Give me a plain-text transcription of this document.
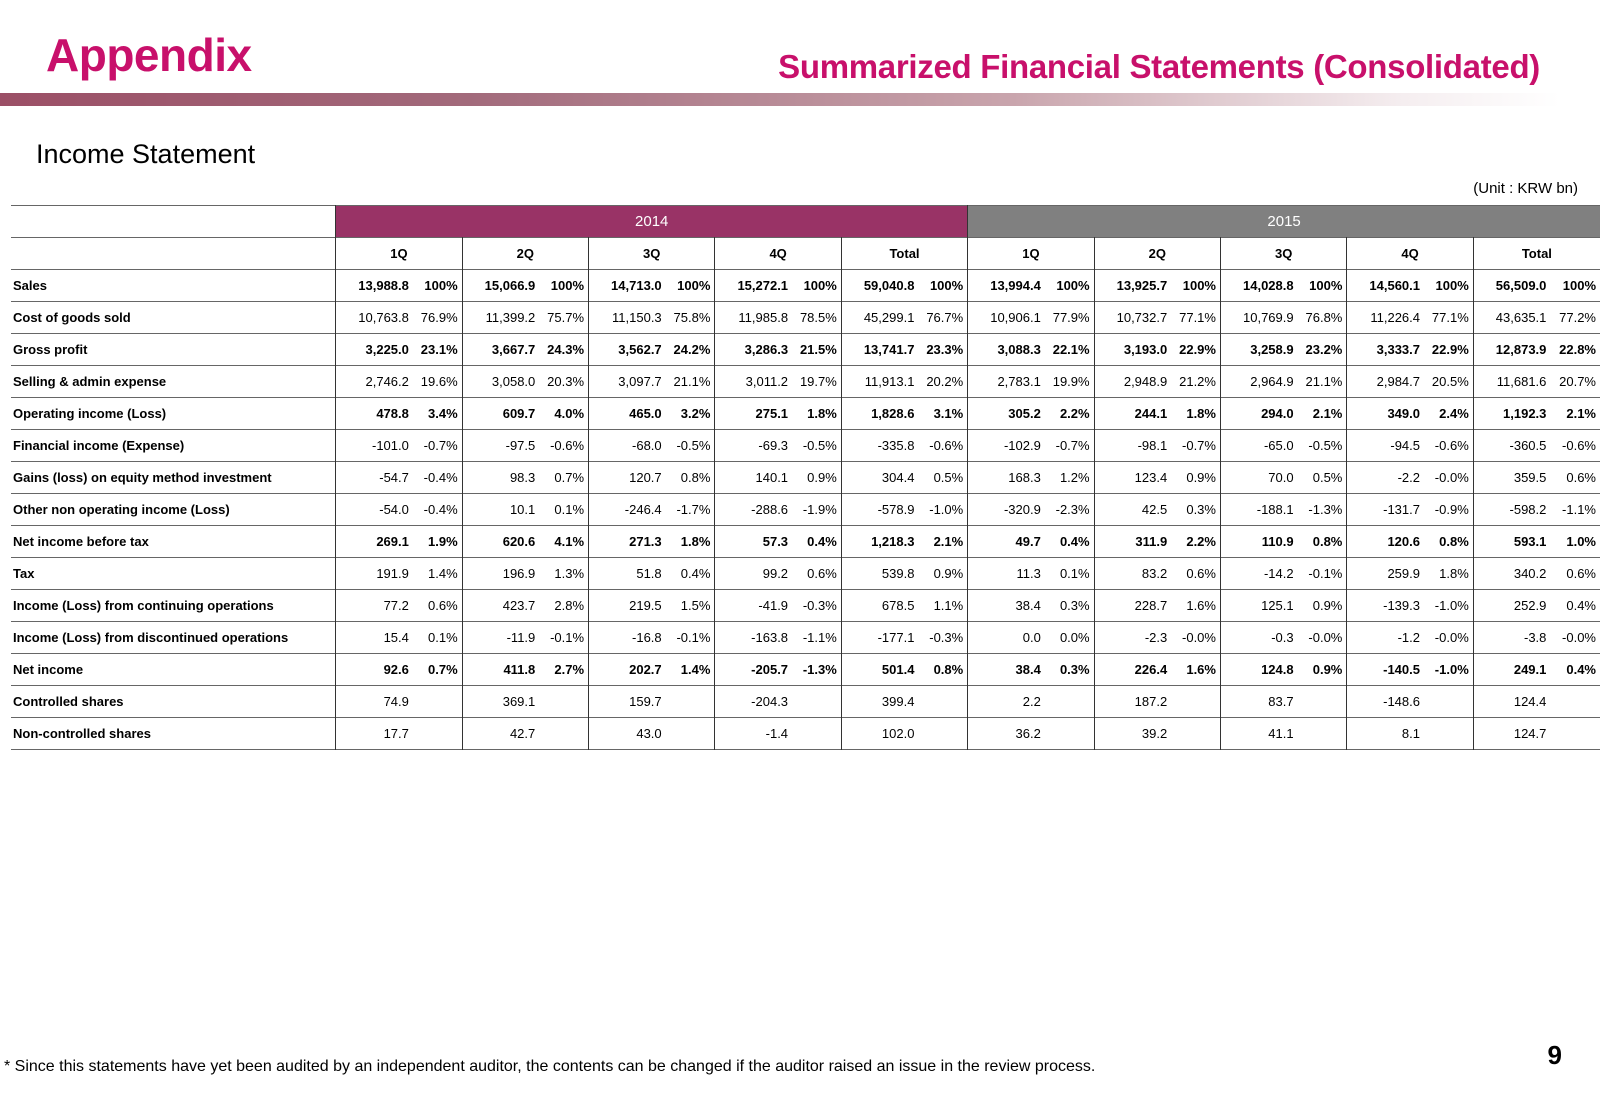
Appendix	Summarized Financial Statements (Consolidated)
Income Statement
(Unit : KRW bn)
	2014										2015									
	1Q		2Q		3Q		4Q		Total		1Q		2Q		3Q		4Q		Total	
Sales	13,988.8	100%	15,066.9	100%	14,713.0	100%	15,272.1	100%	59,040.8	100%	13,994.4	100%	13,925.7	100%	14,028.8	100%	14,560.1	100%	56,509.0	100%
Cost of goods sold	10,763.8	76.9%	11,399.2	75.7%	11,150.3	75.8%	11,985.8	78.5%	45,299.1	76.7%	10,906.1	77.9%	10,732.7	77.1%	10,769.9	76.8%	11,226.4	77.1%	43,635.1	77.2%
Gross profit	3,225.0	23.1%	3,667.7	24.3%	3,562.7	24.2%	3,286.3	21.5%	13,741.7	23.3%	3,088.3	22.1%	3,193.0	22.9%	3,258.9	23.2%	3,333.7	22.9%	12,873.9	22.8%
Selling & admin expense	2,746.2	19.6%	3,058.0	20.3%	3,097.7	21.1%	3,011.2	19.7%	11,913.1	20.2%	2,783.1	19.9%	2,948.9	21.2%	2,964.9	21.1%	2,984.7	20.5%	11,681.6	20.7%
Operating income (Loss)	478.8	3.4%	609.7	4.0%	465.0	3.2%	275.1	1.8%	1,828.6	3.1%	305.2	2.2%	244.1	1.8%	294.0	2.1%	349.0	2.4%	1,192.3	2.1%
Financial income (Expense)	-101.0	-0.7%	-97.5	-0.6%	-68.0	-0.5%	-69.3	-0.5%	-335.8	-0.6%	-102.9	-0.7%	-98.1	-0.7%	-65.0	-0.5%	-94.5	-0.6%	-360.5	-0.6%
Gains (loss) on equity method investment	-54.7	-0.4%	98.3	0.7%	120.7	0.8%	140.1	0.9%	304.4	0.5%	168.3	1.2%	123.4	0.9%	70.0	0.5%	-2.2	-0.0%	359.5	0.6%
Other non operating income (Loss)	-54.0	-0.4%	10.1	0.1%	-246.4	-1.7%	-288.6	-1.9%	-578.9	-1.0%	-320.9	-2.3%	42.5	0.3%	-188.1	-1.3%	-131.7	-0.9%	-598.2	-1.1%
Net income before tax	269.1	1.9%	620.6	4.1%	271.3	1.8%	57.3	0.4%	1,218.3	2.1%	49.7	0.4%	311.9	2.2%	110.9	0.8%	120.6	0.8%	593.1	1.0%
Tax	191.9	1.4%	196.9	1.3%	51.8	0.4%	99.2	0.6%	539.8	0.9%	11.3	0.1%	83.2	0.6%	-14.2	-0.1%	259.9	1.8%	340.2	0.6%
Income (Loss) from continuing operations	77.2	0.6%	423.7	2.8%	219.5	1.5%	-41.9	-0.3%	678.5	1.1%	38.4	0.3%	228.7	1.6%	125.1	0.9%	-139.3	-1.0%	252.9	0.4%
Income (Loss) from discontinued operations	15.4	0.1%	-11.9	-0.1%	-16.8	-0.1%	-163.8	-1.1%	-177.1	-0.3%	0.0	0.0%	-2.3	-0.0%	-0.3	-0.0%	-1.2	-0.0%	-3.8	-0.0%
Net income	92.6	0.7%	411.8	2.7%	202.7	1.4%	-205.7	-1.3%	501.4	0.8%	38.4	0.3%	226.4	1.6%	124.8	0.9%	-140.5	-1.0%	249.1	0.4%
Controlled shares	74.9		369.1		159.7		-204.3		399.4		2.2		187.2		83.7		-148.6		124.4	
Non-controlled shares	17.7		42.7		43.0		-1.4		102.0		36.2		39.2		41.1		8.1		124.7	
* Since this statements have yet been audited by an independent auditor, the contents can be changed if the auditor raised an issue in the review process.	9
